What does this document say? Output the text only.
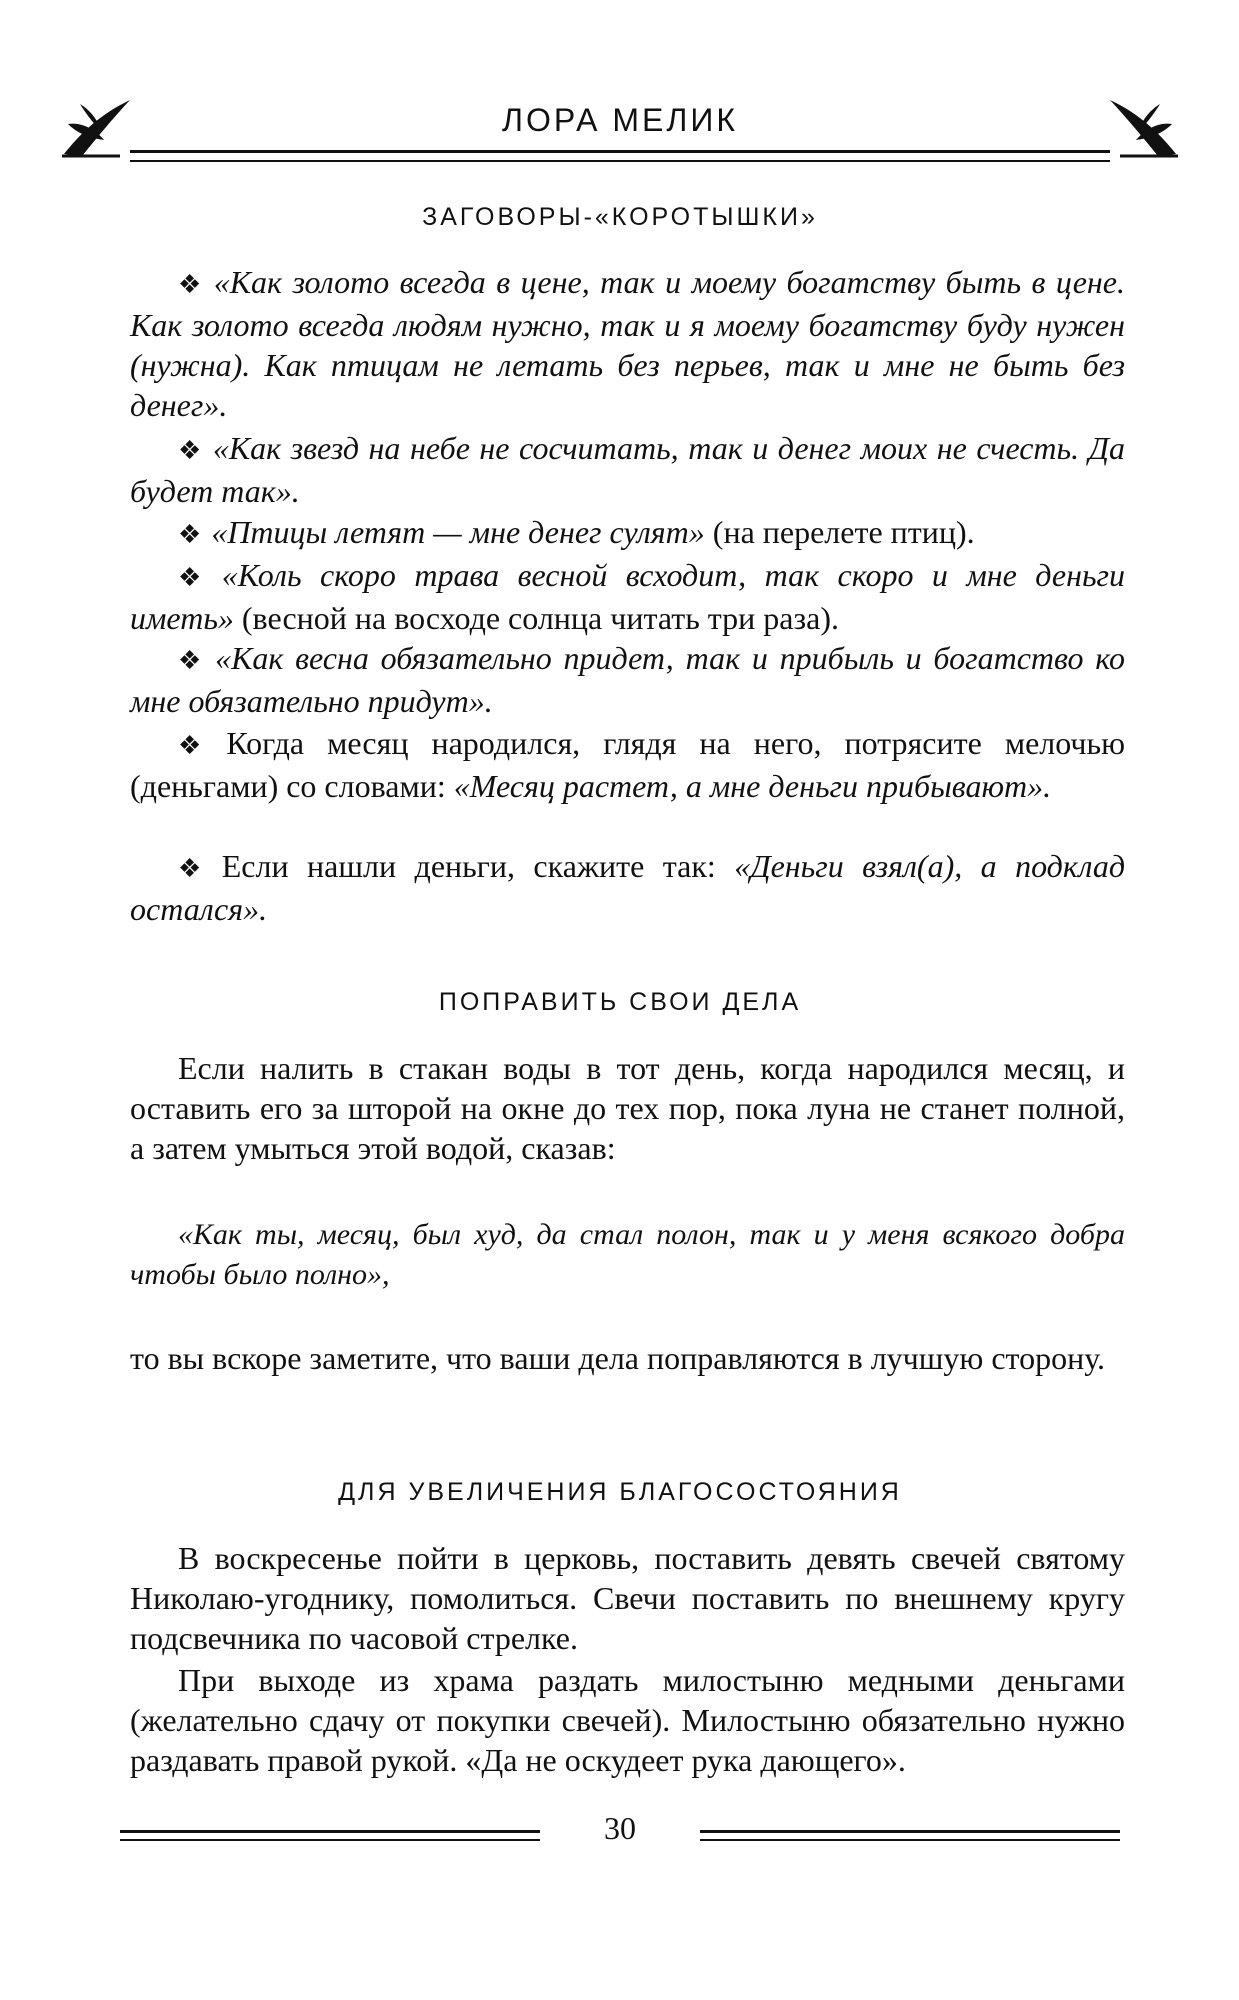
ЛОРА МЕЛИК
ЗАГОВОРЫ-«КОРОТЫШКИ»

❖ «Как золото всегда в цене, так и моему богатству быть в цене. Как золото всегда людям нужно, так и я моему богатству буду нужен (нужна). Как птицам не летать без перьев, так и мне не быть без денег».

❖ «Как звезд на небе не сосчитать, так и денег моих не счесть. Да будет так».

❖ «Птицы летят — мне денег сулят» (на перелете птиц).

❖ «Коль скоро трава весной всходит, так скоро и мне деньги иметь» (весной на восходе солнца читать три раза).

❖ «Как весна обязательно придет, так и прибыль и богатство ко мне обязательно придут».

❖ Когда месяц народился, глядя на него, потрясите мелочью (деньгами) со словами: «Месяц растет, а мне деньги прибывают».

❖ Если нашли деньги, скажите так: «Деньги взял(а), а подклад остался».

ПОПРАВИТЬ СВОИ ДЕЛА

Если налить в стакан воды в тот день, когда народился месяц, и оставить его за шторой на окне до тех пор, пока луна не станет полной, а затем умыться этой водой, сказав:

«Как ты, месяц, был худ, да стал полон, так и у меня всякого добра чтобы было полно»,

то вы вскоре заметите, что ваши дела поправляются в лучшую сторону.

ДЛЯ УВЕЛИЧЕНИЯ БЛАГОСОСТОЯНИЯ

В воскресенье пойти в церковь, поставить девять свечей святому Николаю-угоднику, помолиться. Свечи поставить по внешнему кругу подсвечника по часовой стрелке.

При выходе из храма раздать милостыню медными деньгами (желательно сдачу от покупки свечей). Милостыню обязательно нужно раздавать правой рукой. «Да не оскудеет рука дающего».

30
